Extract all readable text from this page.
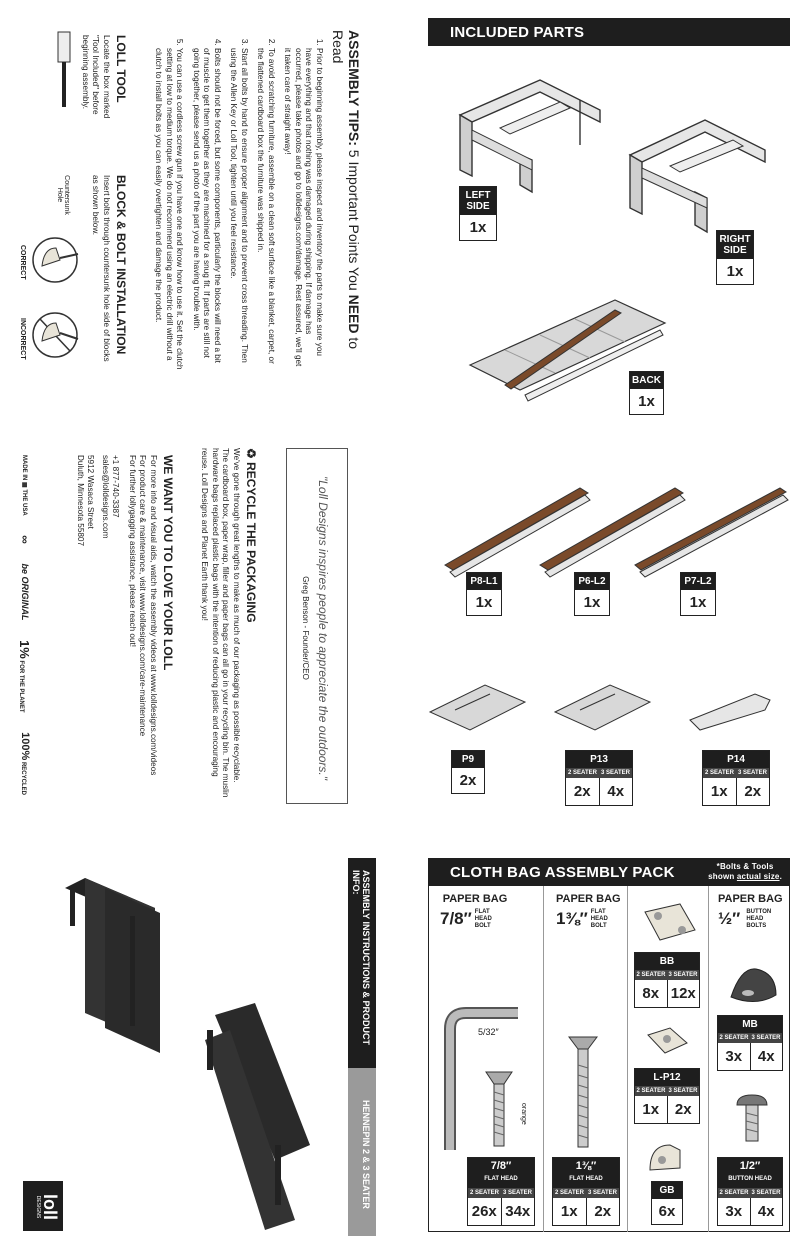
INCLUDED PARTS
LEFT SIDE
1x
RIGHT SIDE
1x
BACK
1x
P8-L1
1x
P6-L2
1x
P7-L2
1x
P9
2x
P13
2 SEATER 3 SEATER
2x	4x
P14
2 SEATER 3 SEATER
1x	2x
CLOTH BAG ASSEMBLY PACK	*Bolts & Tools
shown actual size.
PAPER BAG
7/8″ FLAT
HEAD
BOLT
5/32″
orange
7/8″
FLAT HEAD
2 SEATER 3 SEATER
26x 34x
PAPER BAG
1⅜″ FLAT
HEAD
BOLT
1⅜″
FLAT HEAD
2 SEATER 3 SEATER
1x	2x
BB
2 SEATER 3 SEATER
8x 12x
L-P12
2 SEATER 3 SEATER
1x	2x
GB
6x
PAPER BAG
½″ BUTTON
HEAD
BOLTS
MB
2 SEATER 3 SEATER
3x	4x
1/2″
BUTTON HEAD
2 SEATER 3 SEATER
3x	4x
ASSEMBLY TIPS: 5 Important Points You NEED to Read
1. Prior to beginning assembly, please inspect and inventory the parts to make sure you have everything and that nothing was damaged during shipping. If damage has occurred, please take photos and go to lolldesigns.com/damage. Rest assured, we'll get it taken care of straight away!
2. To avoid scratching furniture, assemble on a clean soft surface like a blanket, carpet, or the flattened cardboard box the furniture was shipped in.
3. Start all bolts by hand to ensure proper alignment and to prevent cross threading. Then using the Allen Key or Loll Tool, tighten until you feel resistance.
4. Bolts should not be forced, but some components, particularly the blocks will need a bit of muscle to get them together as they are machined for a snug fit. If parts are still not going together, please send us a photo of the part you are having trouble with.
5. You can use a cordless screw gun if you have one and know how to use it. Set the clutch setting at low to medium torque. We do not recommend using an electric drill without a clutch to install bolts as you can easily overtighten and damage the product.
LOLL TOOL

Locate the box marked "Tool Included" before beginning assembly.

BLOCK & BOLT INSTALLATION

Insert bolts through countersunk hole side of blocks as shown below.

Countersunk Hole
CORRECT
INCORRECT
"Loll Designs inspires people to appreciate the outdoors."
Greg Benson - Founder/CEO
♻ RECYCLE THE PACKAGING

We've gone through great lengths to make as much of our packaging as possible recyclable. The cardboard box, paper wrap, filler and paper bags can all go in your recycling bin. The muslin hardware bags replaced plastic bags with the intention of reducing plastic and encouraging reuse. Loll Designs and Planet Earth thank you!

WE WANT YOU TO LOVE YOUR LOLL

For more info and visual aids, watch the assembly videos at www.lolldesigns.com/videos

For product care & maintenance, visit www.lolldesigns.com/care-maintenance

For further lollygagging assistance, please reach out!

+1 877-740-3387

sales@lolldesigns.com

5912 Wasaca Street

Duluth, Minnesota 55807

MADE IN ▦ THE USA
∞
be ORIGINAL
1% FOR THE PLANET
100% RECYCLED
ASSEMBLY INSTRUCTIONS & PRODUCT INFO:
HENNEPIN 2 & 3 SEATER
loll
DESIGNS
